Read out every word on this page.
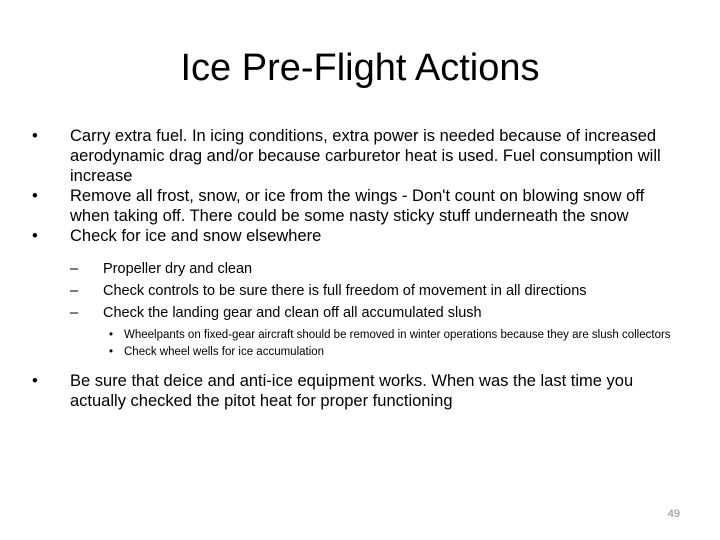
Ice Pre-Flight Actions
• Carry extra fuel. In icing conditions, extra power is needed because of increased aerodynamic drag and/or because carburetor heat is used. Fuel consumption will increase
• Remove all frost, snow, or ice from the wings - Don't count on blowing snow off when taking off. There could be some nasty sticky stuff underneath the snow
• Check for ice and snow elsewhere
– Propeller dry and clean
– Check controls to be sure there is full freedom of movement in all directions
– Check the landing gear and clean off all accumulated slush
• Wheelpants on fixed-gear aircraft should be removed in winter operations because they are slush collectors
• Check wheel wells for ice accumulation
• Be sure that deice and anti-ice equipment works. When was the last time you actually checked the pitot heat for proper functioning
49
